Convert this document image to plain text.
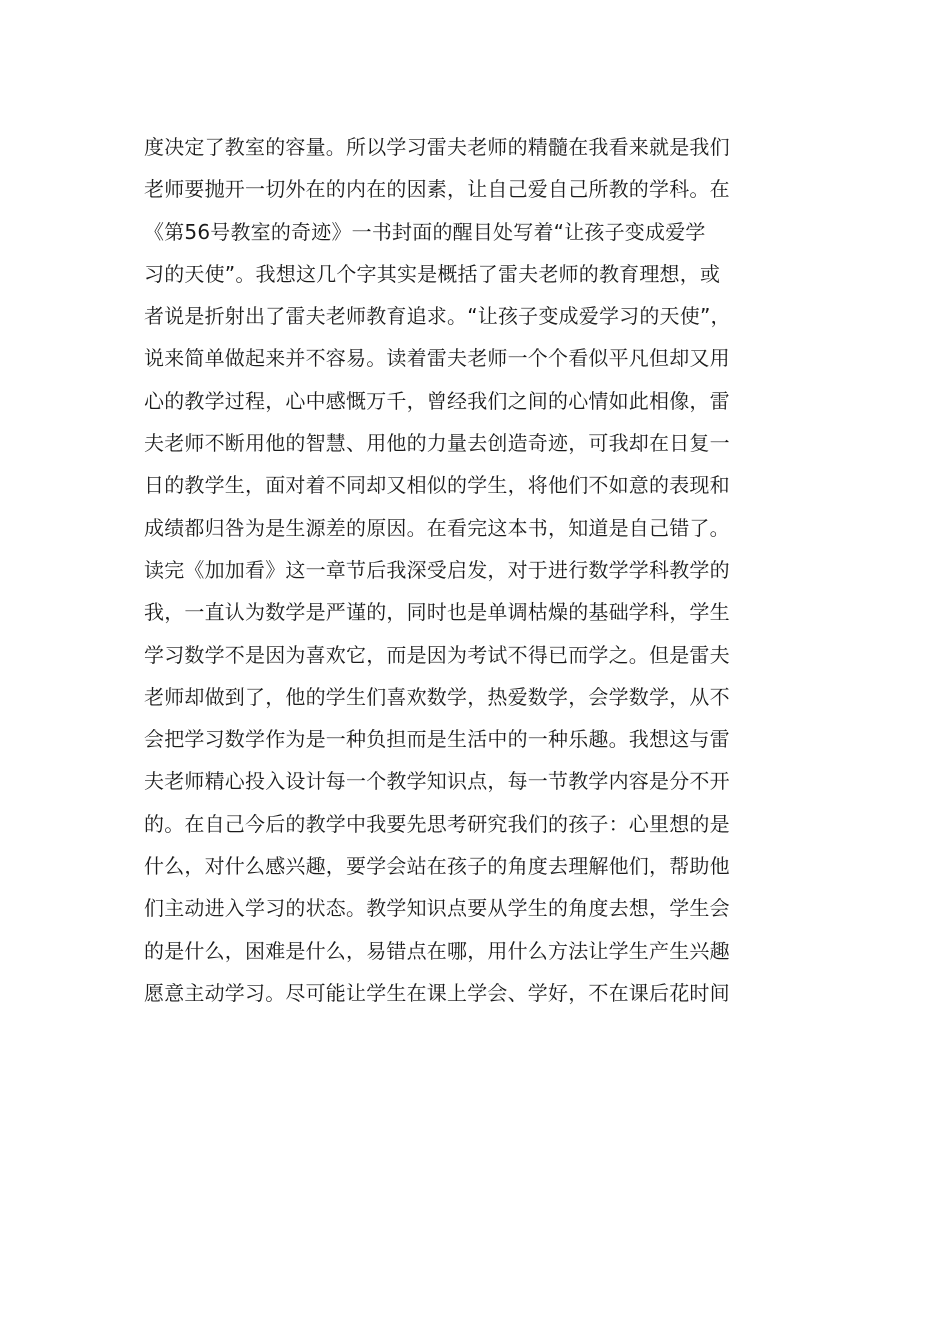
度决定了教室的容量。所以学习雷夫老师的精髓在我看来就是我们
老师要抛开一切外在的内在的因素，让自己爱自己所教的学科。在
《第56号教室的奇迹》一书封面的醒目处写着“让孩子变成爱学
习的天使”。我想这几个字其实是概括了雷夫老师的教育理想，或
者说是折射出了雷夫老师教育追求。“让孩子变成爱学习的天使”，
说来简单做起来并不容易。读着雷夫老师一个个看似平凡但却又用
心的教学过程，心中感慨万千，曾经我们之间的心情如此相像，雷
夫老师不断用他的智慧、用他的力量去创造奇迹，可我却在日复一
日的教学生，面对着不同却又相似的学生，将他们不如意的表现和
成绩都归咎为是生源差的原因。在看完这本书，知道是自己错了。
读完《加加看》这一章节后我深受启发，对于进行数学学科教学的
我，一直认为数学是严谨的，同时也是单调枯燥的基础学科，学生
学习数学不是因为喜欢它，而是因为考试不得已而学之。但是雷夫
老师却做到了，他的学生们喜欢数学，热爱数学，会学数学，从不
会把学习数学作为是一种负担而是生活中的一种乐趣。我想这与雷
夫老师精心投入设计每一个教学知识点，每一节教学内容是分不开
的。在自己今后的教学中我要先思考研究我们的孩子：心里想的是
什么，对什么感兴趣，要学会站在孩子的角度去理解他们，帮助他
们主动进入学习的状态。教学知识点要从学生的角度去想，学生会
的是什么，困难是什么，易错点在哪，用什么方法让学生产生兴趣
愿意主动学习。尽可能让学生在课上学会、学好，不在课后花时间
